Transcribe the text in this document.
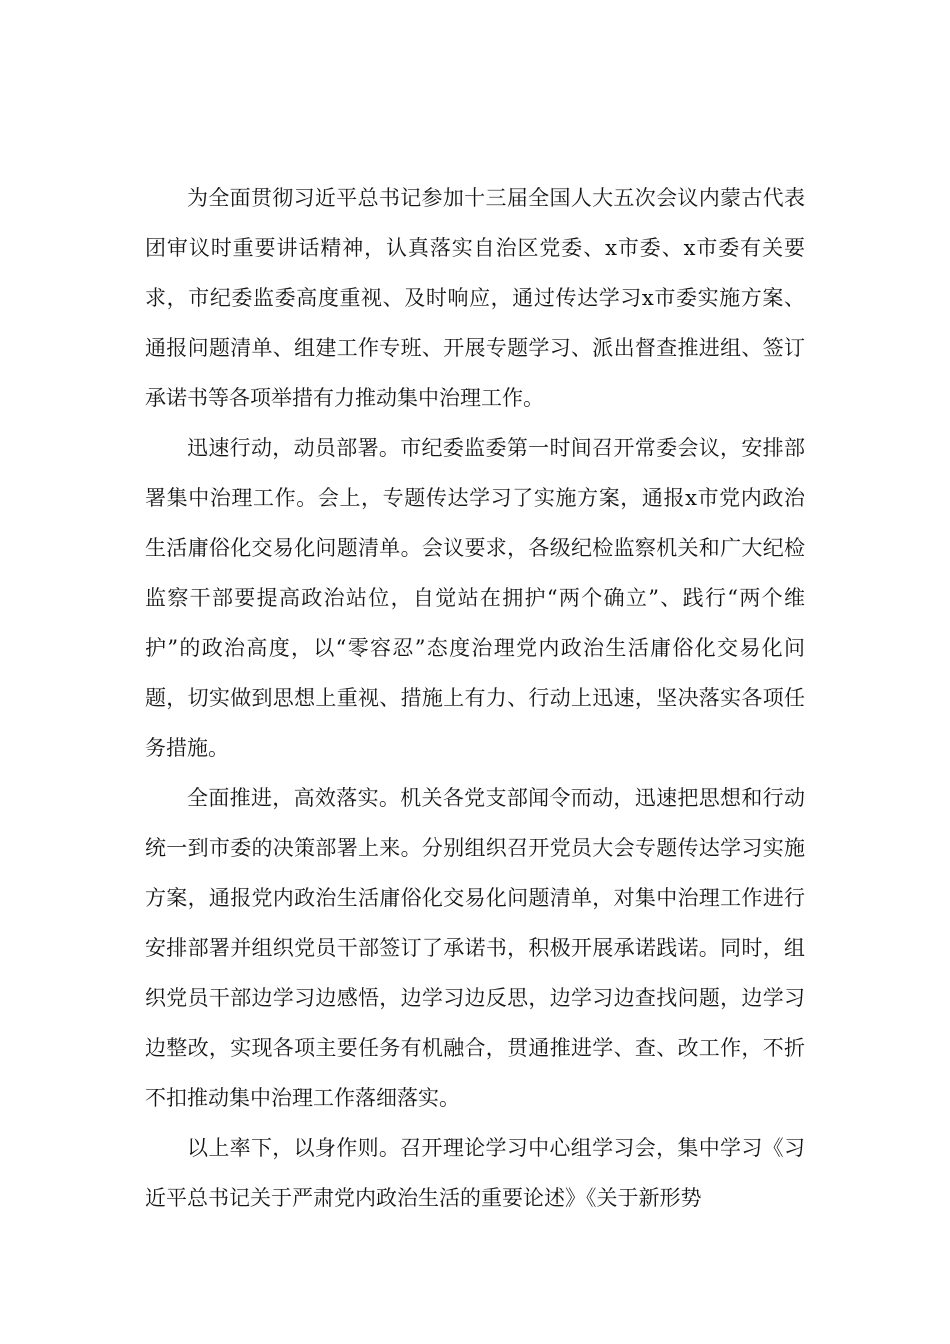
为全面贯彻习近平总书记参加十三届全国人大五次会议内蒙古代表团审议时重要讲话精神，认真落实自治区党委、x市委、x市委有关要求，市纪委监委高度重视、及时响应，通过传达学习x市委实施方案、通报问题清单、组建工作专班、开展专题学习、派出督查推进组、签订承诺书等各项举措有力推动集中治理工作。

迅速行动，动员部署。市纪委监委第一时间召开常委会议，安排部署集中治理工作。会上，专题传达学习了实施方案，通报x市党内政治生活庸俗化交易化问题清单。会议要求，各级纪检监察机关和广大纪检监察干部要提高政治站位，自觉站在拥护“两个确立”、践行“两个维护”的政治高度，以“零容忍”态度治理党内政治生活庸俗化交易化问题，切实做到思想上重视、措施上有力、行动上迅速，坚决落实各项任务措施。

全面推进，高效落实。机关各党支部闻令而动，迅速把思想和行动统一到市委的决策部署上来。分别组织召开党员大会专题传达学习实施方案，通报党内政治生活庸俗化交易化问题清单，对集中治理工作进行安排部署并组织党员干部签订了承诺书，积极开展承诺践诺。同时，组织党员干部边学习边感悟，边学习边反思，边学习边查找问题，边学习边整改，实现各项主要任务有机融合，贯通推进学、查、改工作，不折不扣推动集中治理工作落细落实。

以上率下，以身作则。召开理论学习中心组学习会，集中学习《习近平总书记关于严肃党内政治生活的重要论述》《关于新形势
